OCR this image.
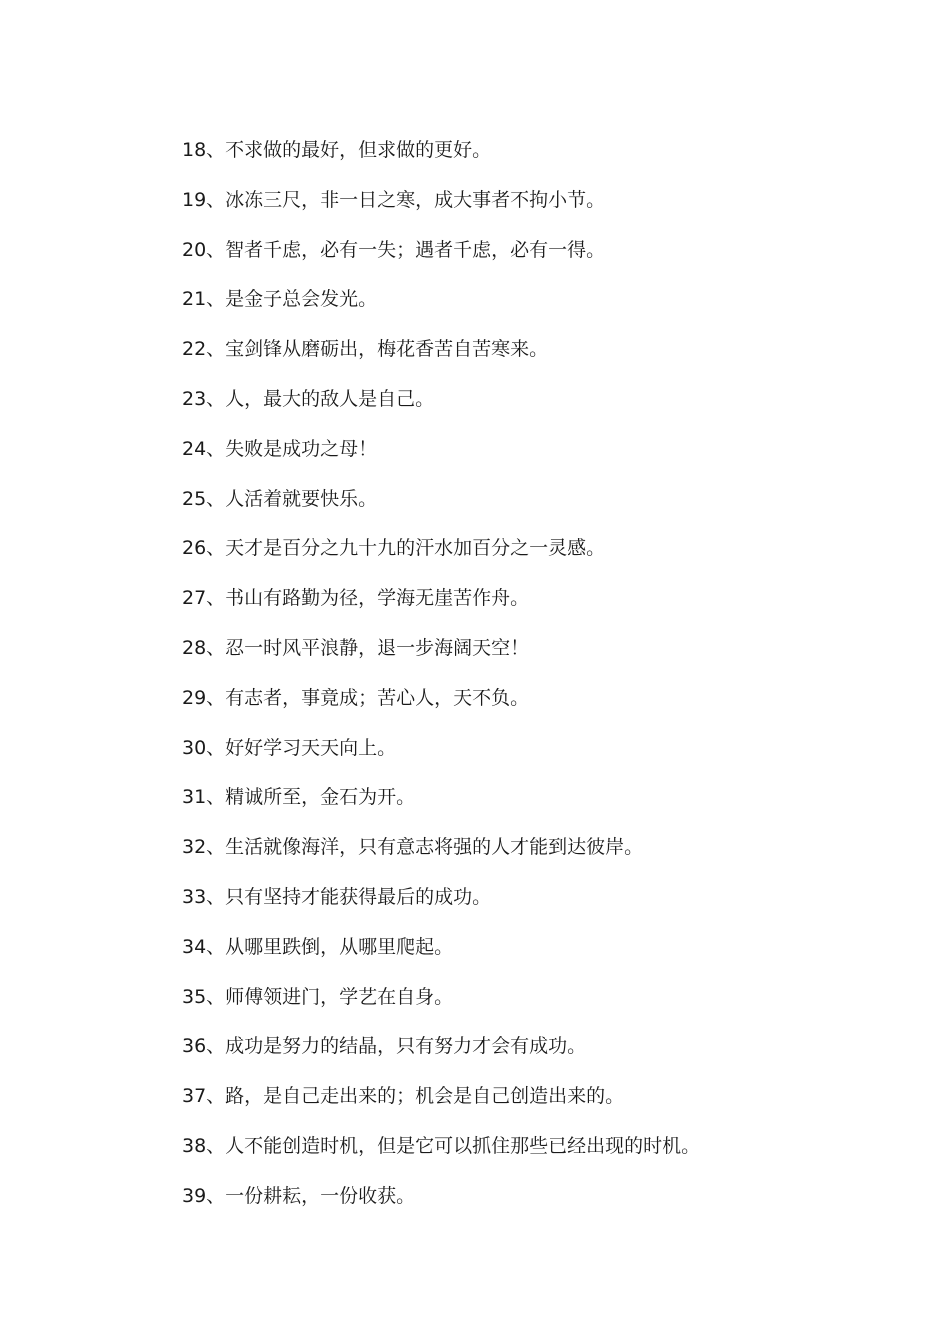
18、不求做的最好，但求做的更好。
19、冰冻三尺，非一日之寒，成大事者不拘小节。
20、智者千虑，必有一失；遇者千虑，必有一得。
21、是金子总会发光。
22、宝剑锋从磨砺出，梅花香苦自苦寒来。
23、人，最大的敌人是自己。
24、失败是成功之母！
25、人活着就要快乐。
26、天才是百分之九十九的汗水加百分之一灵感。
27、书山有路勤为径，学海无崖苦作舟。
28、忍一时风平浪静，退一步海阔天空！
29、有志者，事竟成；苦心人，天不负。
30、好好学习天天向上。
31、精诚所至，金石为开。
32、生活就像海洋，只有意志将强的人才能到达彼岸。
33、只有坚持才能获得最后的成功。
34、从哪里跌倒，从哪里爬起。
35、师傅领进门，学艺在自身。
36、成功是努力的结晶，只有努力才会有成功。
37、路，是自己走出来的；机会是自己创造出来的。
38、人不能创造时机，但是它可以抓住那些已经出现的时机。
39、一份耕耘，一份收获。
